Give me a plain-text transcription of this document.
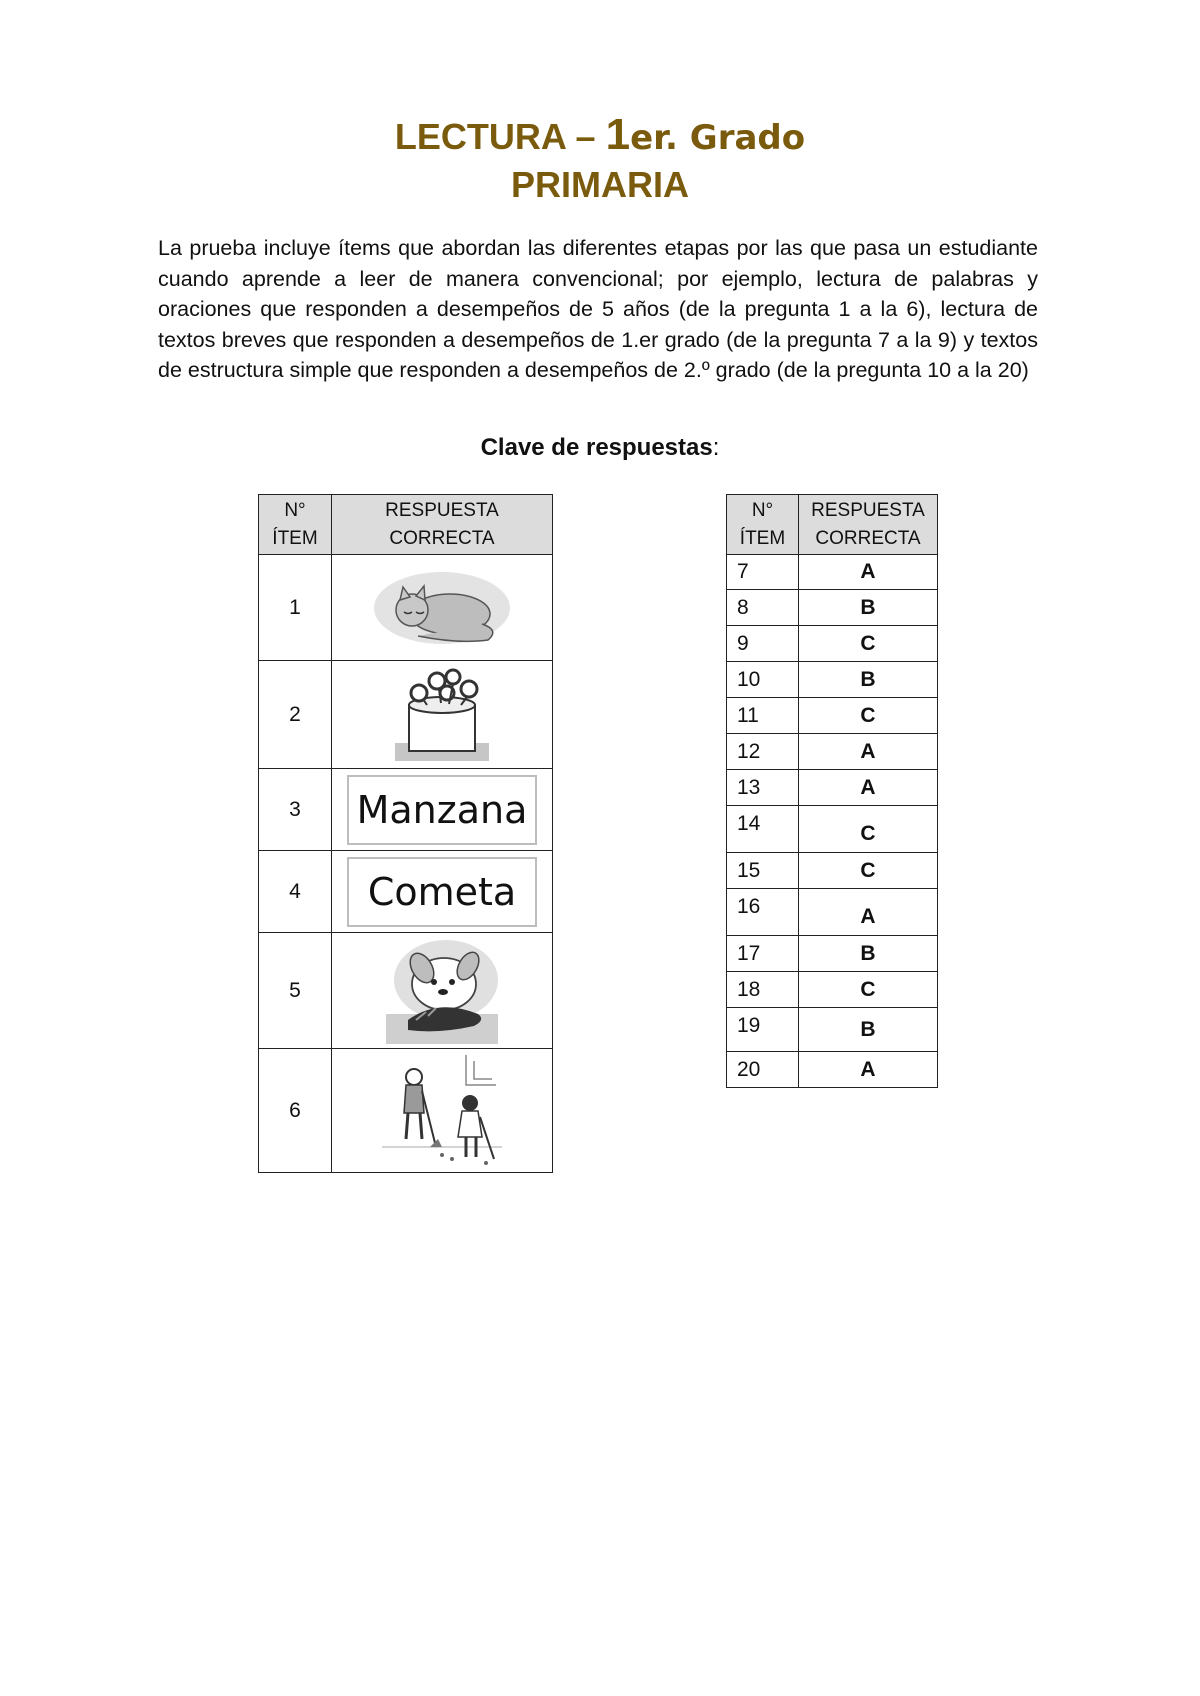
LECTURA – 1er. Grado
PRIMARIA

La prueba incluye ítems que abordan las diferentes etapas por las que pasa un estudiante cuando aprende a leer de manera convencional; por ejemplo, lectura de palabras y oraciones que responden a desempeños de 5 años (de la pregunta 1 a la 6), lectura de textos breves que responden a desempeños de 1.er grado (de la pregunta 7 a la 9) y textos de estructura simple que responden a desempeños de 2.º grado (de la pregunta 10 a la 20)

Clave de respuestas:
N°
ÍTEM	RESPUESTA
CORRECTA
1	

2	

3	Manzana

4	Cometa

5	

6	
N°
ÍTEM	RESPUESTA
CORRECTA
7	A
8	B
9	C
10	B
11	C
12	A
13	A
14	C
15	C
16	A
17	B
18	C
19	B
20	A
